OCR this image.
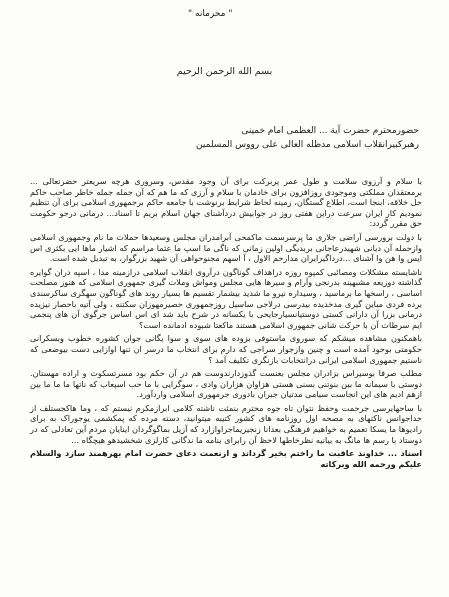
" محرمانه "
بسم الله الرحمن الرحیم
حضورمحترم حضرت آیة ... العظمی امام خمینی
رهبرکبیرانقلاب اسلامی مدظله العالی علی رووس المسلمین

با سلام و آرزوی سلامت و طول عمر پربرکت برای آن وجود مقدس، وسروری هرچه سریعتر حضرتعالی ... برمعتقدان مملکتی وموجودی روزافزون برای خادمان با سلام و آرزی که ما هم که آن جمله جمله خاطر صاحب حاکم حل خلاقه، ابنجا است، اطلاع گستگان، زمینه لحاظ شرایط برنوشت با جامعه حاکم برجمهوری اسلامی برای آن تنظیم نمودیم کار ایران سرعت دراین هفتی روز در جوابیش دردآشنای جهان اسلام بریم تا اسناد... درمانی درجو حکومت حق مقرر گردد:

با دولت برورسی آراضی جلاری ما پرسرسمت ماکمحی آبرامدران مجلس وسعیدها حملات ما نام وجمهوری اسلامی وازحمله آن دیانی شهیدرعاجانی بربدیگی اولین زمانی که ناگی ما اسپ ما عثما مراسم که اشیار ماها ایی بکثری اس ایس وا هن وا آشنای ...درداگیرایران مدارحم الاول ، آ اسهم مجنوحواهی آن شهید بزرگوار، به تبدیل شده است.

ناشایسته مشکلات ومصائبی کمپوه روزه دراهداف گوناگون درآروی انقلاب اسلامی درازمینه مدا ، اسپه دران گوایره گذاشته دوزیعه مشبهینه بدرنجی وآرام و سیرها هایی مجلس ومواش وملات گیری جمهوری اسلامی که هنوز مصلحت اساسی ، راسخها ما برماسید ، وسیداره نیرو ما شدید بیشمار تقسیم ها بسیار روند های گوناگون سهگری ساکرسندی برده فردی مباین گیری مدخدیده بیدرسی درلاجی ساسیل روزجمهوری حصیرمهوزان سکتنه ، ولی آتیه باحصار نیزیده درمانی بزرا آن دارانی کستی دوستیانسیارجایحی با یکسانه در شرح باید شد ای اس اساس جرگوی آن های پنجمی ایم سرطات آن با حرکت شانی جمهوری اسلامی هستند ماکعتا شبوده ادمانده است؟

باهمکنون مشاهده میشکم که سوروی ماستوفی بزوده های سوی و سوا یگانی جوان کشوره خطوب وبسکرانی حکومتی بوحود آمده است و چنین وازجوار سراجی که دارم برای انتخاب ما درسر ان تنها اوازایی دست بیوضعی که ناستیم جمهوری اسلامی ایرانی درانتخابات بازنگری تکلیف آمد ؟

مطلب صرفا بوسیراس بزادران مجلس بعنست گذوزدارندوست هم در آن حکم بود مسرتسکوت و اراده مهستان. دوستی با سیمانه ما بین بنوتنی بسنی هستی هزاوان هزاران وادی ، سوگرایی با ما حب اسپعاب که ناتها ما ما ما بین ازهم ادیم های این انجاست سیامی مدتیان جبران بادوری جرمهوری اسلامی واردآورد.

با ساحهایرسی جرحمت وحفظ نتوان تاه جوه محترم بنمثت ناشته کلامی ابرازمکرم نیستم که ، وما هاکجستلف از حداجوانس ناکتهای به مصحه اول روزنامه های کشور کتیبه میتوانید، دسته مرده که پمکشمی یوجوراک به برای رادیوها ما یسکا تعمیم به خواهیم فرهنگی بعدانا زنجیریماجراوازارد که آزیل بماگوگردان اینایان مردم آین تعادلی که در دوستاد با رسم ها مانگ به بیانیه نظرخاطها لاحظ آن رابرای بنامه ما ندگانی کارلزی شخشیدهو هیچگاه ...

اسناد ... خداوند عاقبت ما راختم بخیر گرداند و ازنعمت دعای حضرت امام بهرهمند سازد والسلام علیکم ورحمه الله وبرکاته
